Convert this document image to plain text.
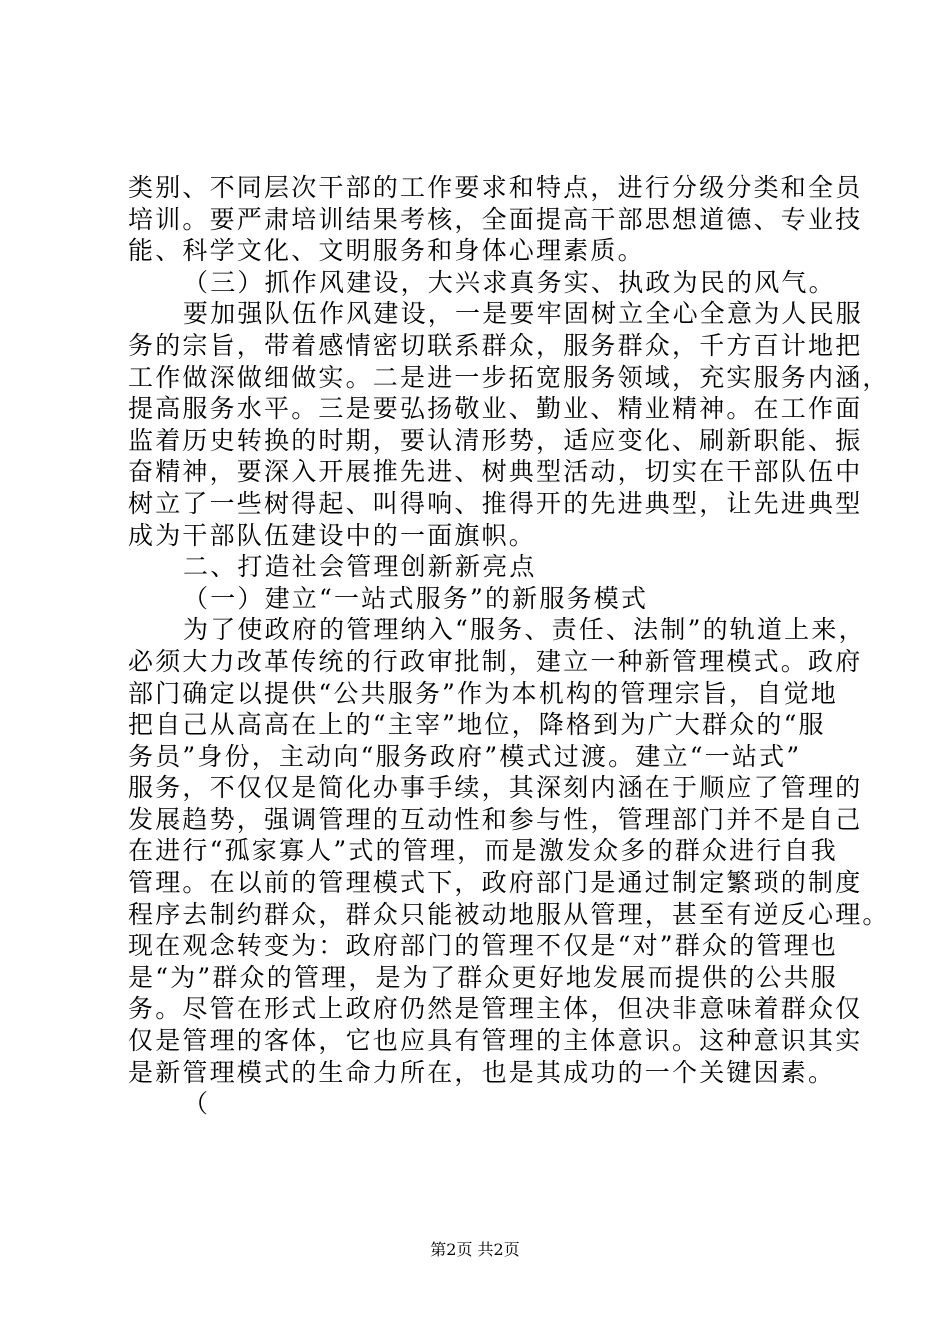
类别、不同层次干部的工作要求和特点，进行分级分类和全员
培训。要严肃培训结果考核，全面提高干部思想道德、专业技
能、科学文化、文明服务和身体心理素质。
（三）抓作风建设，大兴求真务实、执政为民的风气。
要加强队伍作风建设，一是要牢固树立全心全意为人民服
务的宗旨，带着感情密切联系群众，服务群众，千方百计地把
工作做深做细做实。二是进一步拓宽服务领域，充实服务内涵，
提高服务水平。三是要弘扬敬业、勤业、精业精神。在工作面
监着历史转换的时期，要认清形势，适应变化、刷新职能、振
奋精神，要深入开展推先进、树典型活动，切实在干部队伍中
树立了一些树得起、叫得响、推得开的先进典型，让先进典型
成为干部队伍建设中的一面旗帜。
二、打造社会管理创新新亮点
（一）建立“一站式服务”的新服务模式
为了使政府的管理纳入“服务、责任、法制”的轨道上来，
必须大力改革传统的行政审批制，建立一种新管理模式。政府
部门确定以提供“公共服务”作为本机构的管理宗旨，自觉地
把自己从高高在上的“主宰”地位，降格到为广大群众的“服
务员”身份，主动向“服务政府”模式过渡。建立“一站式”
服务，不仅仅是简化办事手续，其深刻内涵在于顺应了管理的
发展趋势，强调管理的互动性和参与性，管理部门并不是自己
在进行“孤家寡人”式的管理，而是激发众多的群众进行自我
管理。在以前的管理模式下，政府部门是通过制定繁琐的制度
程序去制约群众，群众只能被动地服从管理，甚至有逆反心理。
现在观念转变为：政府部门的管理不仅是“对”群众的管理也
是“为”群众的管理，是为了群众更好地发展而提供的公共服
务。尽管在形式上政府仍然是管理主体，但决非意味着群众仅
仅是管理的客体，它也应具有管理的主体意识。这种意识其实
是新管理模式的生命力所在，也是其成功的一个关键因素。
（
第2页 共2页
